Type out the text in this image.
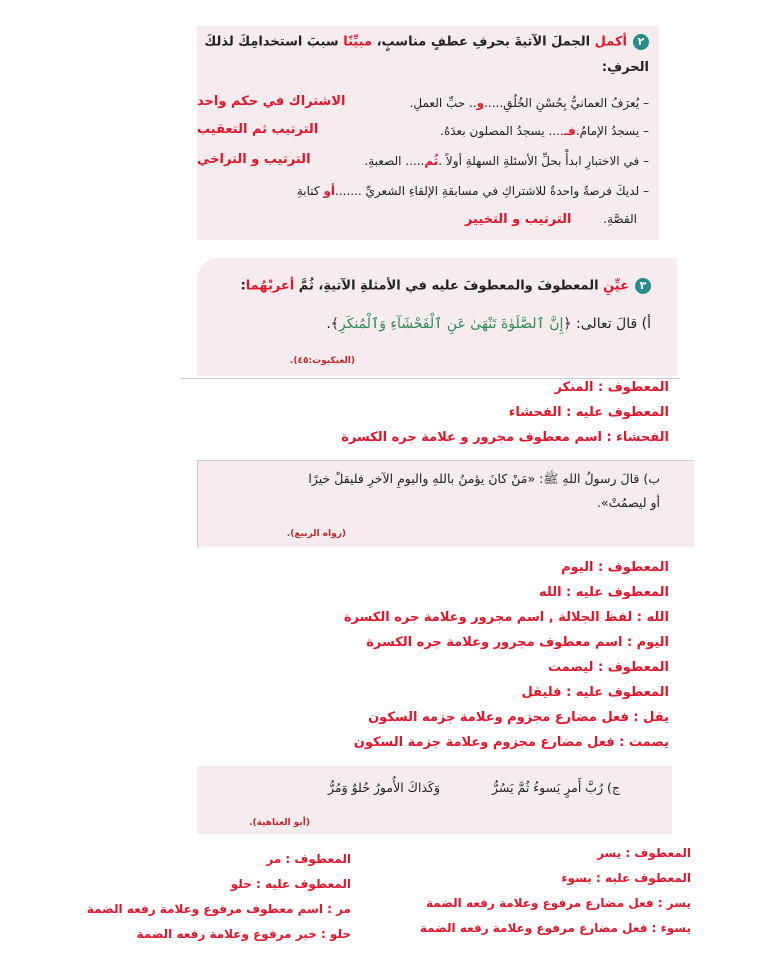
٢أكمل الجملَ الآتيةَ بحرفِ عطفٍ مناسبٍ، مبيِّنًا سببَ استخدامِكَ لذلكَ
الحرفِ:
– يُعرَفُ العمانيُّ بِحُسْنِ الخُلُقِ.....و.. حبِّ العملِ.
الاشتراك في حكم واحد
– يسجدُ الإمامُ.فـ.... يسجدُ المصلون بعدَهُ.
الترتيب ثم التعقيب
– في الاختبارِ ابدأْ بحلِّ الأسئلةِ السهلةِ أولاً .ثُم..... الصعبةِ.
الترتيب و التراخي
– لديكَ فرصةٌ واحدةٌ للاشتراكِ في مسابقةِ الإلقاءِ الشعريِّ .......أو كتابةِ
القصَّةِ. الترتيب و التخيير
٣عيِّنِ المعطوفَ والمعطوفَ عليه في الأمثلةِ الآتيةِ، ثُمَّ أعربْهُما:
أ) قالَ تعالى: ﴿إِنَّ ٱلصَّلَوٰةَ تَنْهَىٰ عَنِ ٱلْفَحْشَآءِ وَٱلْمُنكَرِ﴾.
(العنكبوت:٤٥).
المعطوف : المنكر
المعطوف عليه : الفحشاء
الفحشاء : اسم معطوف مجرور و علامة جره الكسرة
ب) قالَ رسولُ اللهِ ﷺ: «مَنْ كانَ يؤمنُ باللهِ واليومِ الآخرِ فليقلْ خيرًا
أو ليصمُتْ».
(رواه الربيع).
المعطوف : اليوم
المعطوف عليه : الله
الله : لفظ الجلالة , اسم مجرور وعلامة جره الكسرة
اليوم : اسم معطوف مجرور وعلامة جره الكسرة
المعطوف : ليصمت
المعطوف عليه : فليقل
يقل : فعل مضارع مجزوم وعلامة جزمه السكون
يصمت : فعل مضارع مجزوم وعلامة جزمة السكون
ج) رُبَّ أَمرٍ يَسوءُ ثُمَّ يَسُرُّ
وَكَذاكَ الأُمورُ حُلوٌ وَمُرُّ
(أبو العتاهية).
المعطوف : يسر
المعطوف عليه : يسوء
يسر : فعل مضارع مرفوع وعلامة رفعه الضمة
يسوء : فعل مضارع مرفوع وعلامة رفعه الضمة
المعطوف : مر
المعطوف عليه : حلو
مر : اسم معطوف مرفوع وعلامة رفعه الضمة
حلو : خبر مرفوع وعلامة رفعه الضمة
